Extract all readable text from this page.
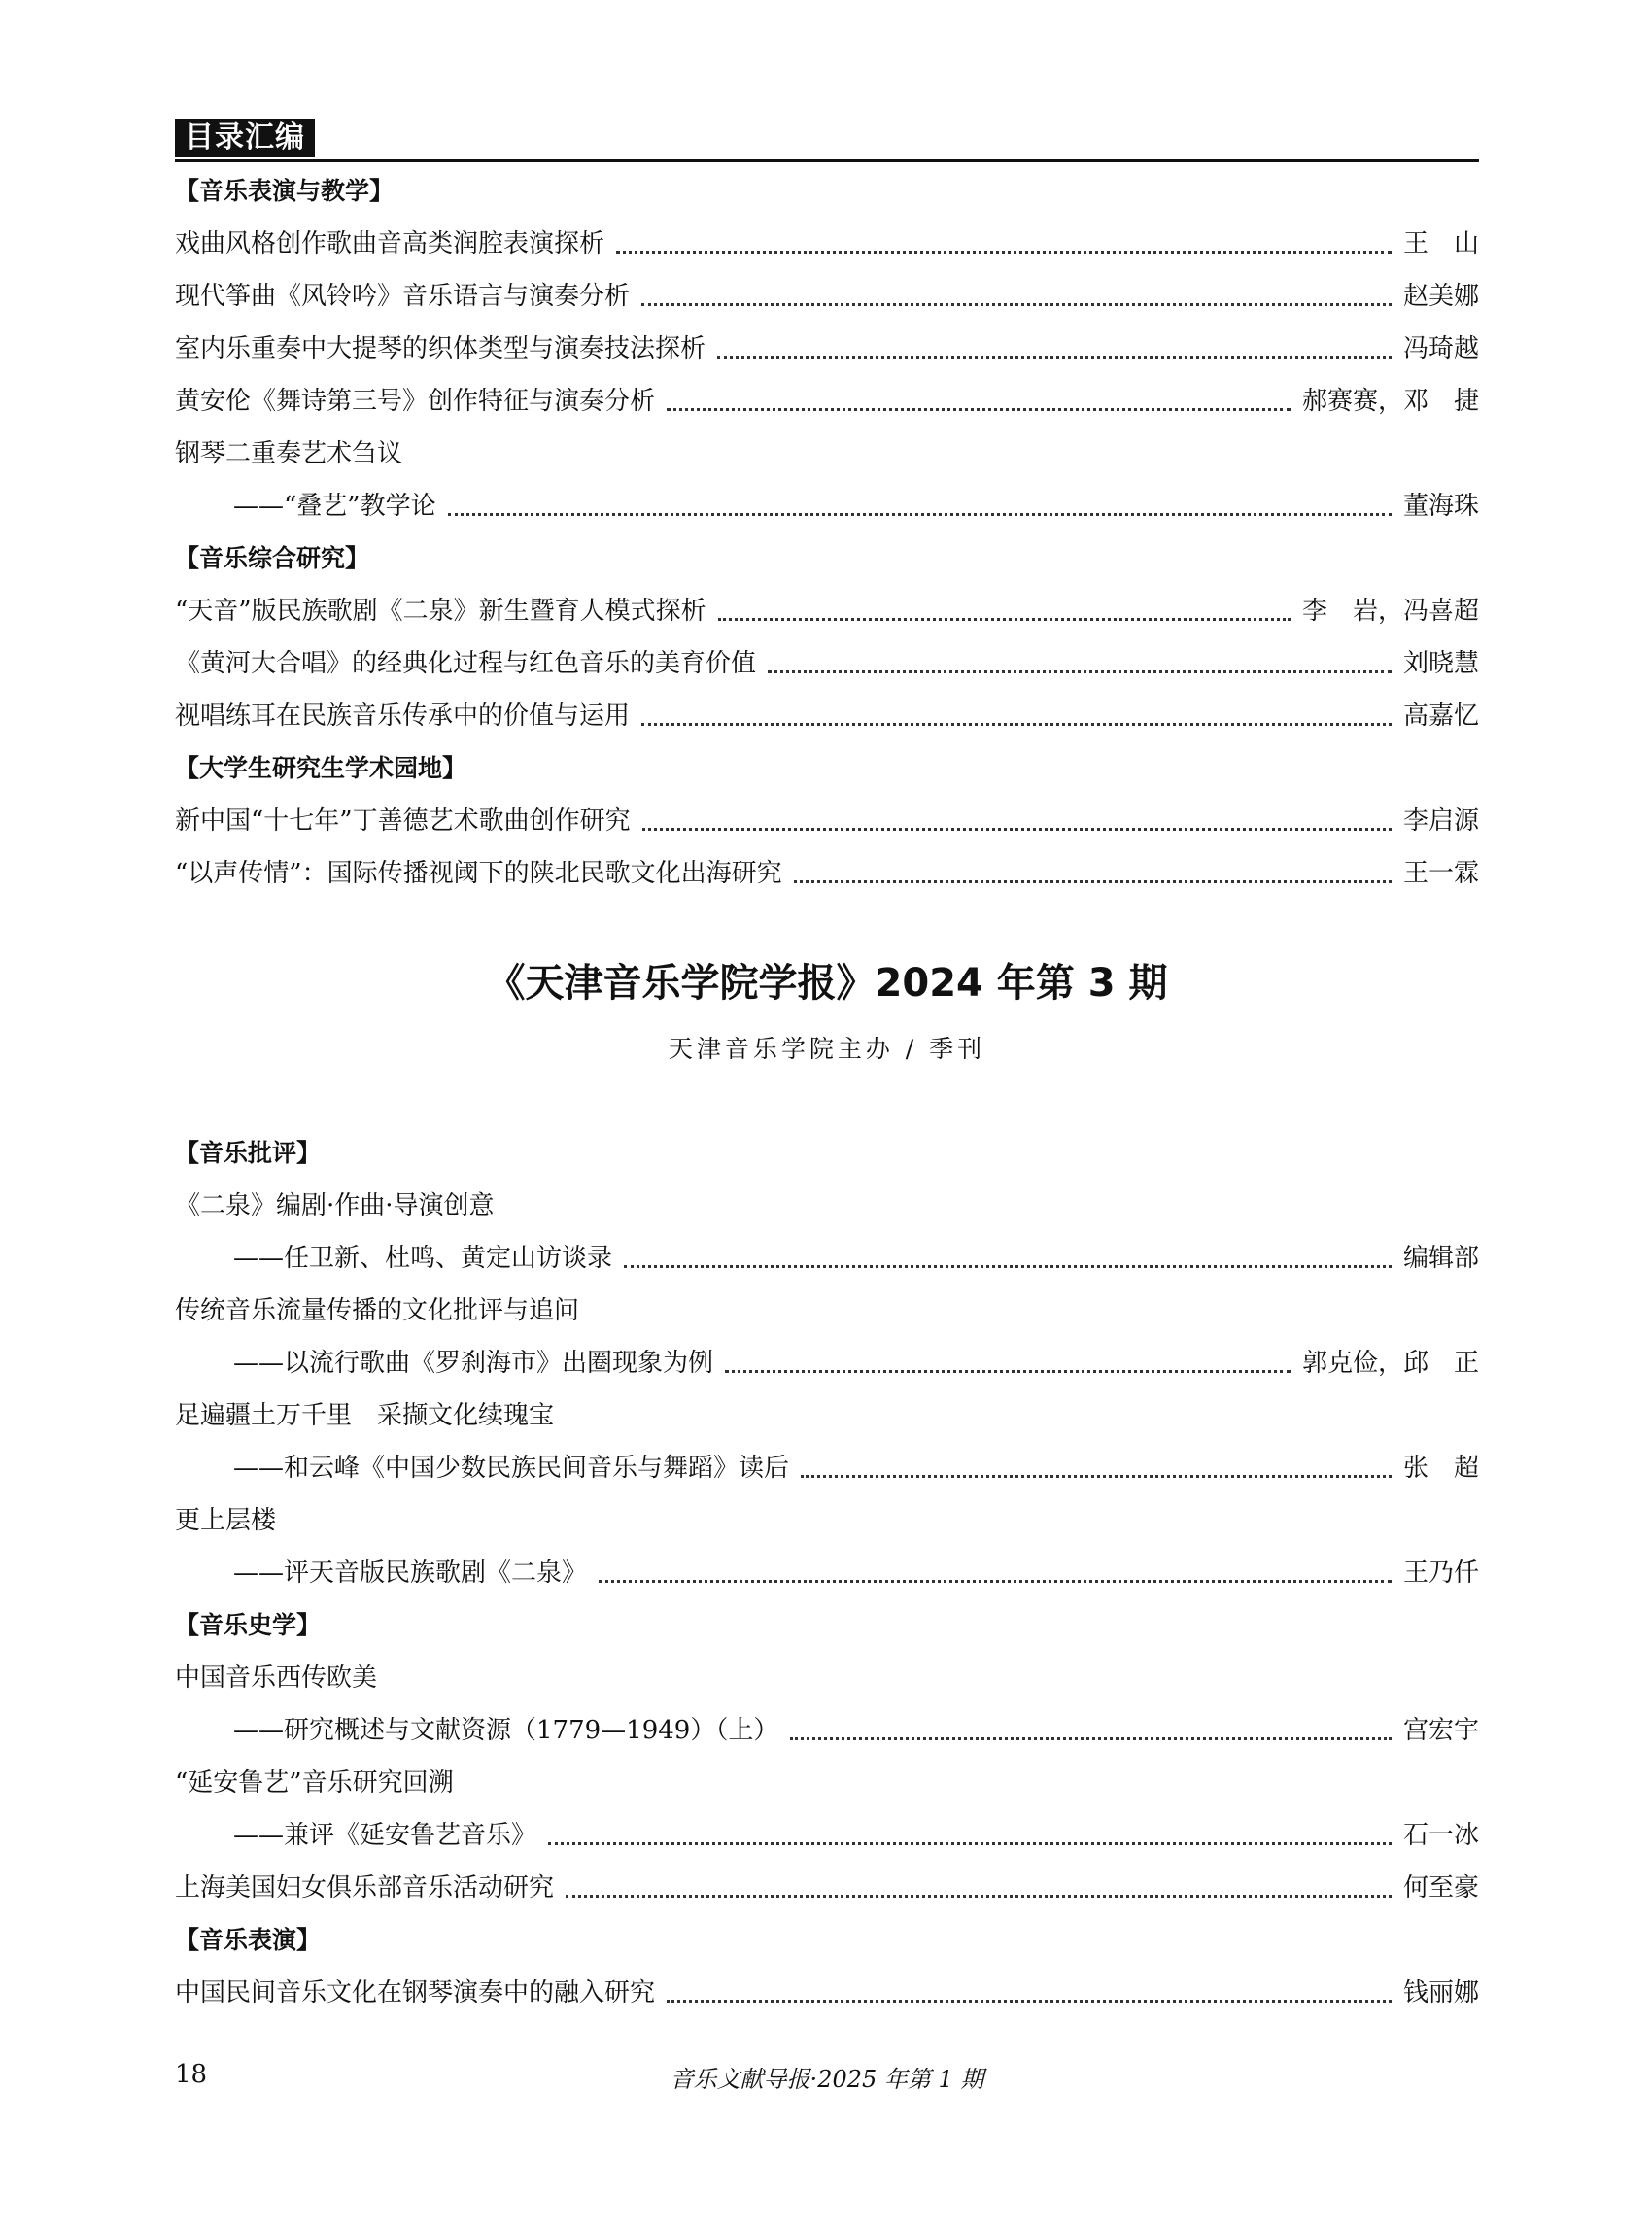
目录汇编
【音乐表演与教学】
戏曲风格创作歌曲音高类润腔表演探析	王　山
现代筝曲《风铃吟》音乐语言与演奏分析	赵美娜
室内乐重奏中大提琴的织体类型与演奏技法探析	冯琦越
黄安伦《舞诗第三号》创作特征与演奏分析	郝赛赛，邓　捷
钢琴二重奏艺术刍议
——“叠艺”教学论	董海珠
【音乐综合研究】
“天音”版民族歌剧《二泉》新生暨育人模式探析	李　岩，冯喜超
《黄河大合唱》的经典化过程与红色音乐的美育价值	刘晓慧
视唱练耳在民族音乐传承中的价值与运用	高嘉忆
【大学生研究生学术园地】
新中国“十七年”丁善德艺术歌曲创作研究	李启源
“以声传情”：国际传播视阈下的陕北民歌文化出海研究	王一霖
《天津音乐学院学报》2024 年第 3 期
天津音乐学院主办 / 季刊
【音乐批评】
《二泉》编剧·作曲·导演创意
——任卫新、杜鸣、黄定山访谈录	编辑部
传统音乐流量传播的文化批评与追问
——以流行歌曲《罗刹海市》出圈现象为例	郭克俭，邱　正
足遍疆土万千里　采撷文化续瑰宝
——和云峰《中国少数民族民间音乐与舞蹈》读后	张　超
更上层楼
——评天音版民族歌剧《二泉》	王乃仟
【音乐史学】
中国音乐西传欧美
——研究概述与文献资源（1779—1949）（上）	宫宏宇
“延安鲁艺”音乐研究回溯
——兼评《延安鲁艺音乐》	石一冰
上海美国妇女俱乐部音乐活动研究	何至豪
【音乐表演】
中国民间音乐文化在钢琴演奏中的融入研究	钱丽娜
18	音乐文献导报·2025 年第 1 期
